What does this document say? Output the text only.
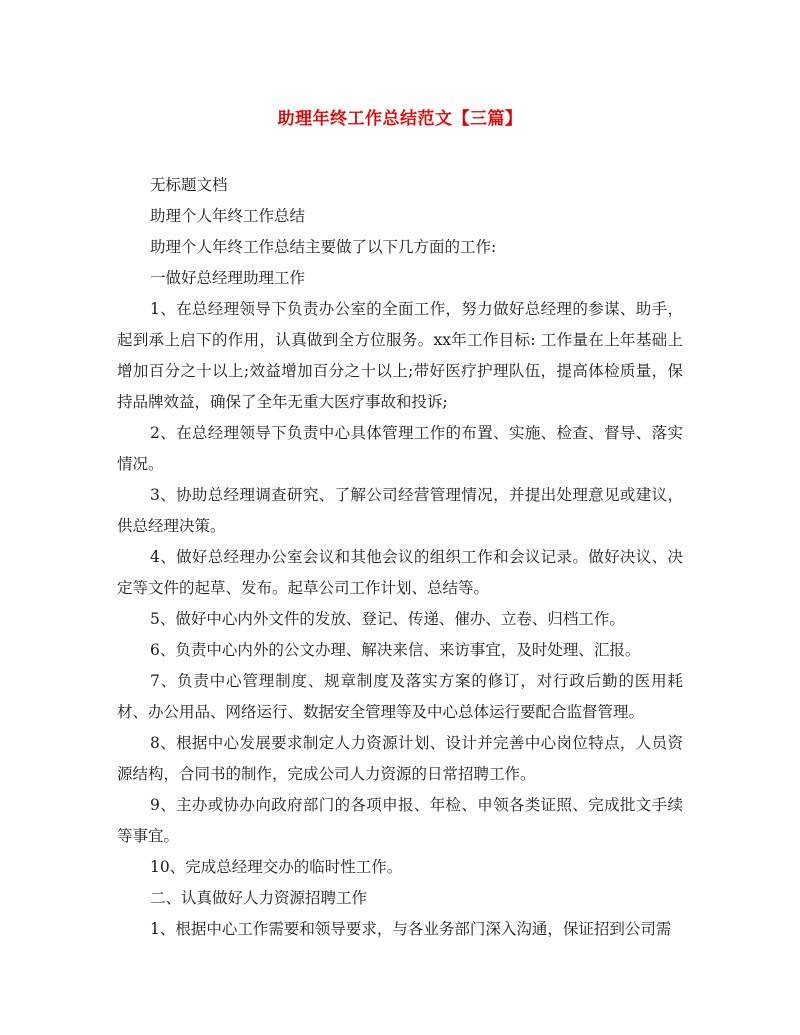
助理年终工作总结范文【三篇】

无标题文档

助理个人年终工作总结

助理个人年终工作总结主要做了以下几方面的工作:

一做好总经理助理工作

1、在总经理领导下负责办公室的全面工作，努力做好总经理的参谋、助手，起到承上启下的作用，认真做到全方位服务。xx年工作目标: 工作量在上年基础上增加百分之十以上;效益增加百分之十以上;带好医疗护理队伍，提高体检质量，保持品牌效益，确保了全年无重大医疗事故和投诉;

2、在总经理领导下负责中心具体管理工作的布置、实施、检查、督导、落实情况。

3、协助总经理调查研究、了解公司经营管理情况，并提出处理意见或建议，供总经理决策。

4、做好总经理办公室会议和其他会议的组织工作和会议记录。做好决议、决定等文件的起草、发布。起草公司工作计划、总结等。

5、做好中心内外文件的发放、登记、传递、催办、立卷、归档工作。

6、负责中心内外的公文办理、解决来信、来访事宜，及时处理、汇报。

7、负责中心管理制度、规章制度及落实方案的修订，对行政后勤的医用耗材、办公用品、网络运行、数据安全管理等及中心总体运行要配合监督管理。

8、根据中心发展要求制定人力资源计划、设计并完善中心岗位特点，人员资源结构，合同书的制作，完成公司人力资源的日常招聘工作。

9、主办或协办向政府部门的各项申报、年检、申领各类证照、完成批文手续等事宜。

10、完成总经理交办的临时性工作。

二、认真做好人力资源招聘工作

1、根据中心工作需要和领导要求，与各业务部门深入沟通，保证招到公司需
